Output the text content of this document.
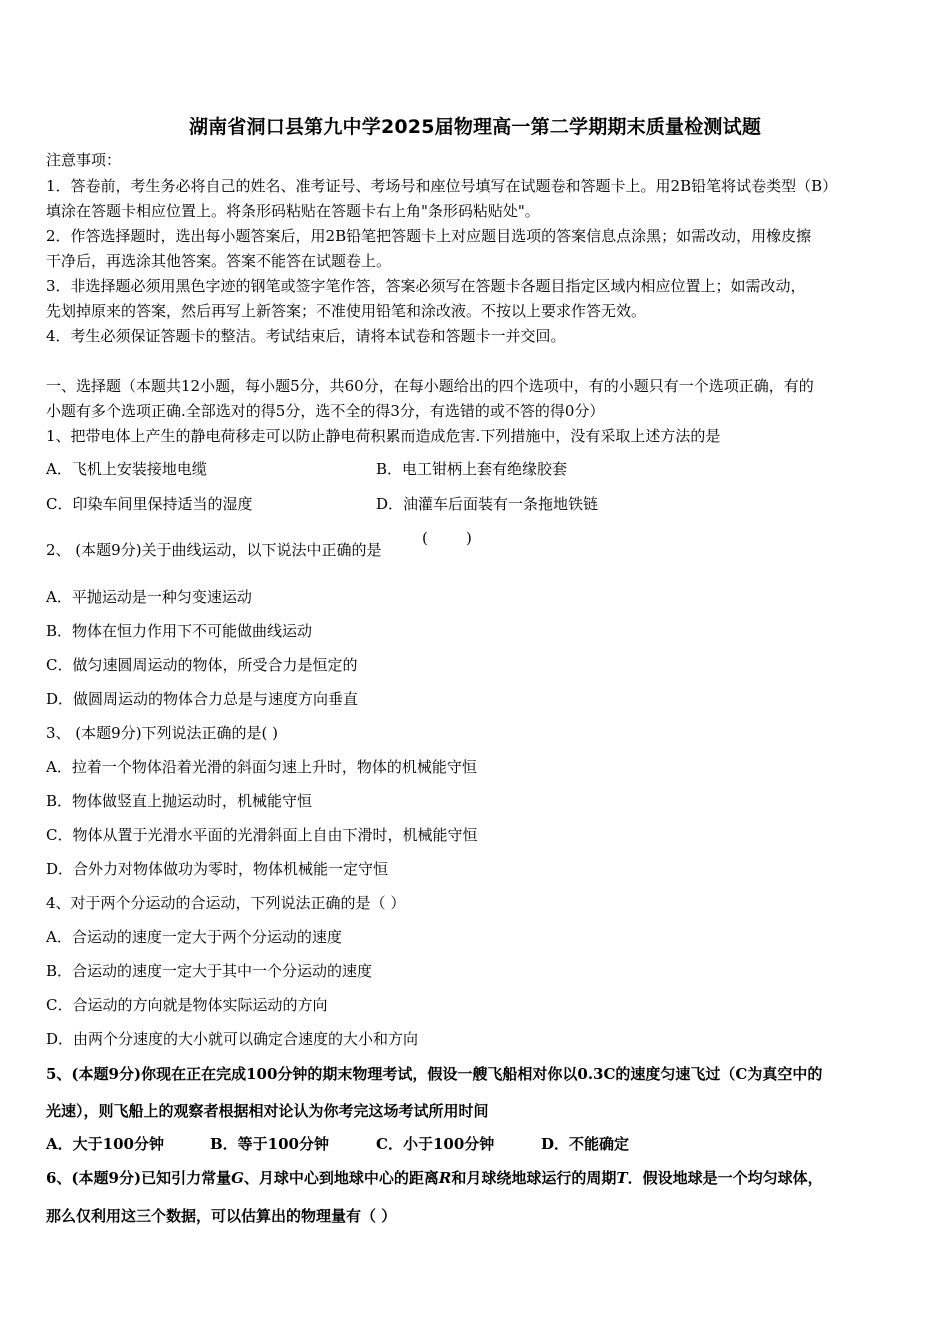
湖南省洞口县第九中学2025届物理高一第二学期期末质量检测试题
注意事项：
1．答卷前，考生务必将自己的姓名、准考证号、考场号和座位号填写在试题卷和答题卡上。用2B铅笔将试卷类型（B）
填涂在答题卡相应位置上。将条形码粘贴在答题卡右上角"条形码粘贴处"。
2．作答选择题时，选出每小题答案后，用2B铅笔把答题卡上对应题目选项的答案信息点涂黑；如需改动，用橡皮擦
干净后，再选涂其他答案。答案不能答在试题卷上。
3．非选择题必须用黑色字迹的钢笔或签字笔作答，答案必须写在答题卡各题目指定区域内相应位置上；如需改动，
先划掉原来的答案，然后再写上新答案；不准使用铅笔和涂改液。不按以上要求作答无效。
4．考生必须保证答题卡的整洁。考试结束后，请将本试卷和答题卡一并交回。
一、选择题（本题共12小题，每小题5分，共60分，在每小题给出的四个选项中，有的小题只有一个选项正确，有的
小题有多个选项正确.全部选对的得5分，选不全的得3分，有选错的或不答的得0分）
1、把带电体上产生的静电荷移走可以防止静电荷积累而造成危害.下列措施中，没有采取上述方法的是
A．飞机上安装接地电缆	B．电工钳柄上套有绝缘胶套
C．印染车间里保持适当的湿度	D．油灌车后面装有一条拖地铁链
2、 (本题9分)关于曲线运动，以下说法中正确的是
(        )
A．平抛运动是一种匀变速运动
B．物体在恒力作用下不可能做曲线运动
C．做匀速圆周运动的物体，所受合力是恒定的
D．做圆周运动的物体合力总是与速度方向垂直
3、 (本题9分)下列说法正确的是( )
A．拉着一个物体沿着光滑的斜面匀速上升时，物体的机械能守恒
B．物体做竖直上抛运动时，机械能守恒
C．物体从置于光滑水平面的光滑斜面上自由下滑时，机械能守恒
D．合外力对物体做功为零时，物体机械能一定守恒
4、对于两个分运动的合运动，下列说法正确的是（ ）
A．合运动的速度一定大于两个分运动的速度
B．合运动的速度一定大于其中一个分运动的速度
C．合运动的方向就是物体实际运动的方向
D．由两个分速度的大小就可以确定合速度的大小和方向
5、(本题9分)你现在正在完成100分钟的期末物理考试，假设一艘飞船相对你以0.3C的速度匀速飞过（C为真空中的
光速），则飞船上的观察者根据相对论认为你考完这场考试所用时间
A．大于100分钟	B．等于100分钟	C．小于100分钟	D．不能确定
6、(本题9分)已知引力常量G、月球中心到地球中心的距离R和月球绕地球运行的周期T．假设地球是一个均匀球体，
那么仅利用这三个数据，可以估算出的物理量有（ ）
